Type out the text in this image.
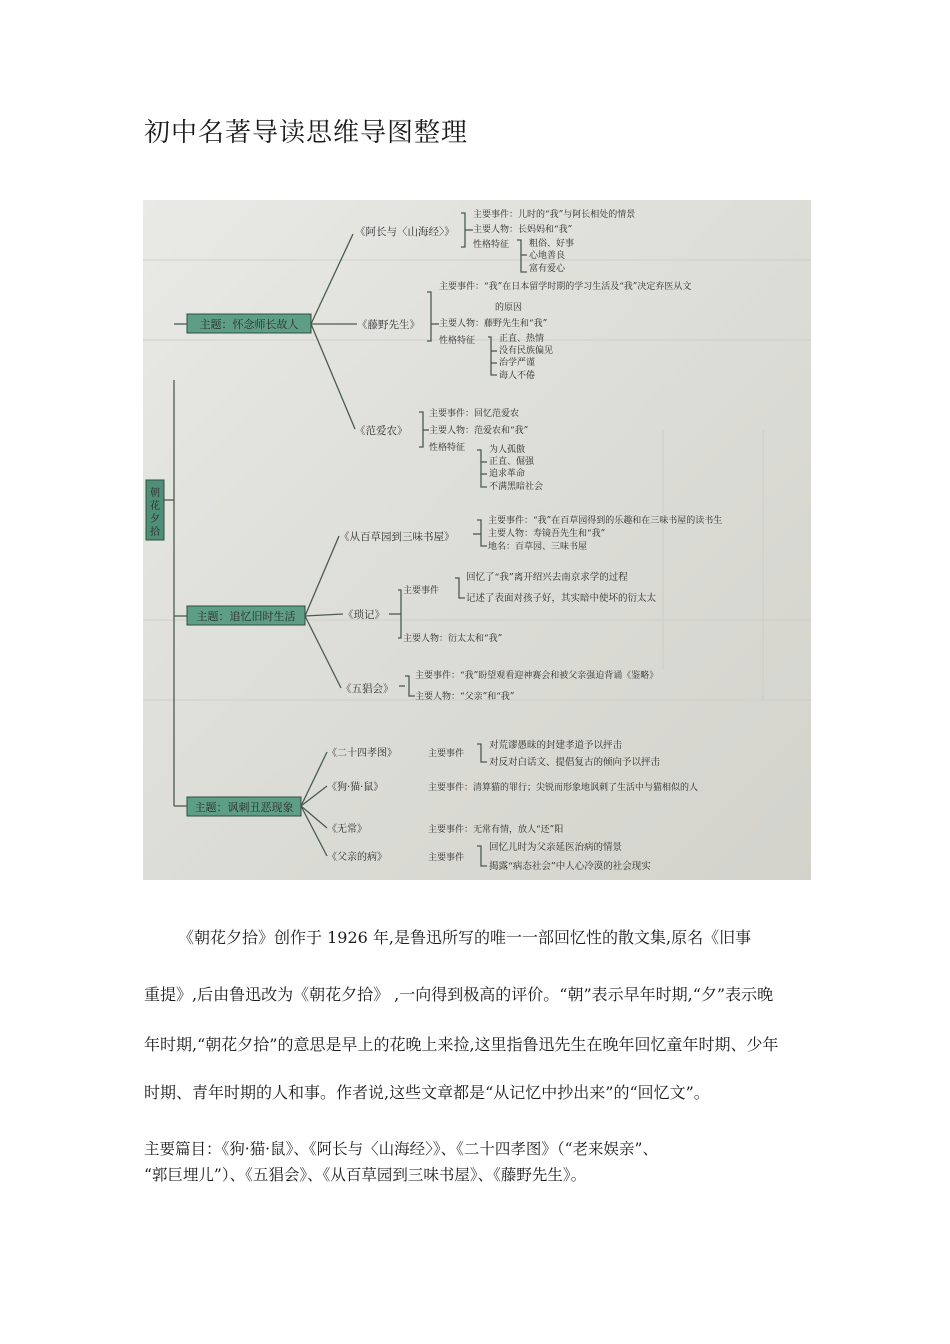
初中名著导读思维导图整理
朝
花
夕
拾
主题：怀念师长故人
主题：追忆旧时生活
主题：讽刺丑恶现象
《阿长与〈山海经〉》
主要事件：儿时的“我”与阿长相处的情景
主要人物：长妈妈和“我”
性格特征 粗俗、好事
心地善良
富有爱心
《藤野先生》
主要事件：“我”在日本留学时期的学习生活及“我”决定弃医从文
的原因
主要人物：藤野先生和“我”
性格特征	正直、热情
没有民族偏见
治学严谨
诲人不倦
《范爱农》
主要事件：回忆范爱农
主要人物：范爱农和“我”
性格特征	为人孤傲
正直、倔强
追求革命
不满黑暗社会
《从百草园到三味书屋》
主要事件：“我”在百草园得到的乐趣和在三味书屋的读书生
主要人物：寿镜吾先生和“我”
地名：百草园、三味书屋
《琐记》
主要事件
回忆了“我”离开绍兴去南京求学的过程
记述了表面对孩子好，其实暗中使坏的衍太太
主要人物：衍太太和“我”
《五猖会》
主要事件：“我”盼望观看迎神赛会和被父亲强迫背诵《鉴略》
主要人物：“父亲”和“我”
《二十四孝图》	主要事件
对荒谬愚昧的封建孝道予以抨击
对反对白话文、提倡复古的倾向予以抨击
《狗·猫·鼠》	主要事件：清算猫的罪行；尖锐而形象地讽刺了生活中与猫相似的人
《无常》	主要事件：无常有情，放人“还”阳
《父亲的病》	主要事件
回忆儿时为父亲延医治病的情景
揭露“病态社会”中人心冷漠的社会现实
《朝花夕拾》创作于 1926 年,是鲁迅所写的唯一一部回忆性的散文集,原名《旧事
重提》,后由鲁迅改为《朝花夕拾》 ,一向得到极高的评价。“朝”表示早年时期,“夕”表示晚
年时期,“朝花夕拾”的意思是早上的花晚上来捡,这里指鲁迅先生在晚年回忆童年时期、少年
时期、青年时期的人和事。作者说,这些文章都是“从记忆中抄出来”的“回忆文”。
主要篇目：《狗·猫·鼠》、《阿长与〈山海经〉》、《二十四孝图》（“老来娱亲”、
“郭巨埋儿”）、《五猖会》、《从百草园到三味书屋》、《藤野先生》。
